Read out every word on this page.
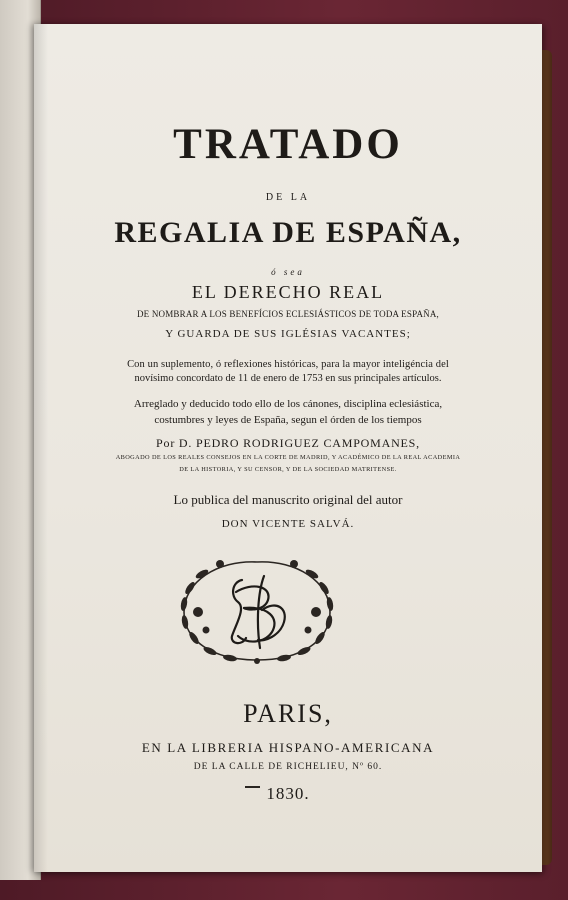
TRATADO
DE LA
REGALIA DE ESPAÑA,
ó sea
EL DERECHO REAL
DE NOMBRAR A LOS BENEFÍCIOS ECLESIÁSTICOS DE TODA ESPAÑA,
Y GUARDA DE SUS IGLÉSIAS VACANTES;
Con un suplemento, ó reflexiones históricas, para la mayor inteligéncia del
novísimo concordato de 11 de enero de 1753 en sus principales artículos.
Arreglado y deducido todo ello de los cánones, disciplina eclesiástica,
costumbres y leyes de España, segun el órden de los tiempos
Por D. PEDRO RODRIGUEZ CAMPOMANES,
ABOGADO DE LOS REALES CONSEJOS EN LA CORTE DE MADRID, Y ACADÉMICO DE LA REAL ACADEMIA
DE LA HISTORIA, Y SU CENSOR, Y DE LA SOCIEDAD MATRITENSE.
Lo publica del manuscrito original del autor
DON VICENTE SALVÁ.
PARIS,
EN LA LIBRERIA HISPANO-AMERICANA
DE LA CALLE DE RICHELIEU, Nº 60.
1830.
